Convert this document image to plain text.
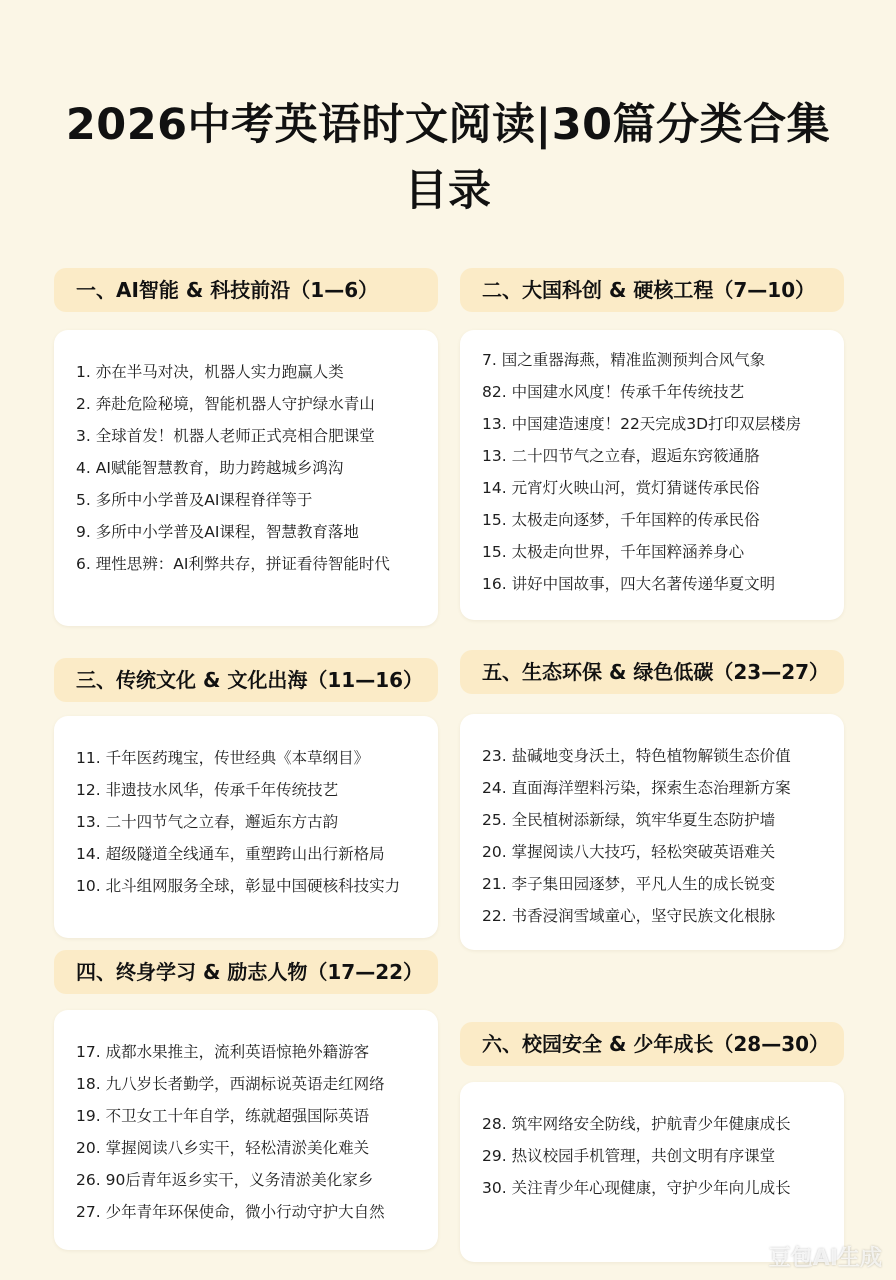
2026中考英语时文阅读|30篇分类合集
目录
一、AI智能 & 科技前沿（1—6）
1. 亦在半马对决，机器人实力跑赢人类
2. 奔赴危险秘境，智能机器人守护绿水青山
3. 全球首发！机器人老师正式亮相合肥课堂
4. AI赋能智慧教育，助力跨越城乡鸿沟
5. 多所中小学普及AI课程脊徉等于
9. 多所中小学普及AI课程，智慧教育落地
6. 理性思辨：AI利弊共存，拼证看待智能时代
二、大国科创 & 硬核工程（7—10）
7. 国之重器海燕，精准监测预判合风气象
82. 中国建水风度！传承千年传统技艺
13. 中国建造速度！22天完成3D打印双层楼房
13. 二十四节气之立春，遐逅东窍筱通胳
14. 元宵灯火映山河，赏灯猜谜传承民俗
15. 太极走向逐梦，千年国粹的传承民俗
15. 太极走向世界，千年国粹涵养身心
16. 讲好中国故事，四大名著传递华夏文明
三、传统文化 & 文化出海（11—16）
11. 千年医药瑰宝，传世经典《本草纲目》
12. 非遗技水风华，传承千年传统技艺
13. 二十四节气之立春，邂逅东方古韵
14. 超级隧道全线通车，重塑跨山出行新格局
10. 北斗组网服务全球，彰显中国硬核科技实力
五、生态环保 & 绿色低碳（23—27）
23. 盐碱地变身沃土，特色植物解锁生态价值
24. 直面海洋塑料污染，探索生态治理新方案
25. 全民植树添新绿，筑牢华夏生态防护墙
20. 掌握阅读八大技巧，轻松突破英语难关
21. 李子集田园逐梦，平凡人生的成长锐变
22. 书香浸润雪域童心，坚守民族文化根脉
四、终身学习 & 励志人物（17—22）
17. 成都水果推主，流利英语惊艳外籍游客
18. 九八岁长者勤学，西湖标说英语走红网络
19. 不卫女工十年自学，练就超强国际英语
20. 掌握阅读八乡实干，轻松清淤美化难关
26. 90后青年返乡实干，义务清淤美化家乡
27. 少年青年环保使命，微小行动守护大自然
六、校园安全 & 少年成长（28—30）
28. 筑牢网络安全防线，护航青少年健康成长
29. 热议校园手机管理，共创文明有序课堂
30. 关注青少年心现健康，守护少年向儿成长
豆包AI生成
